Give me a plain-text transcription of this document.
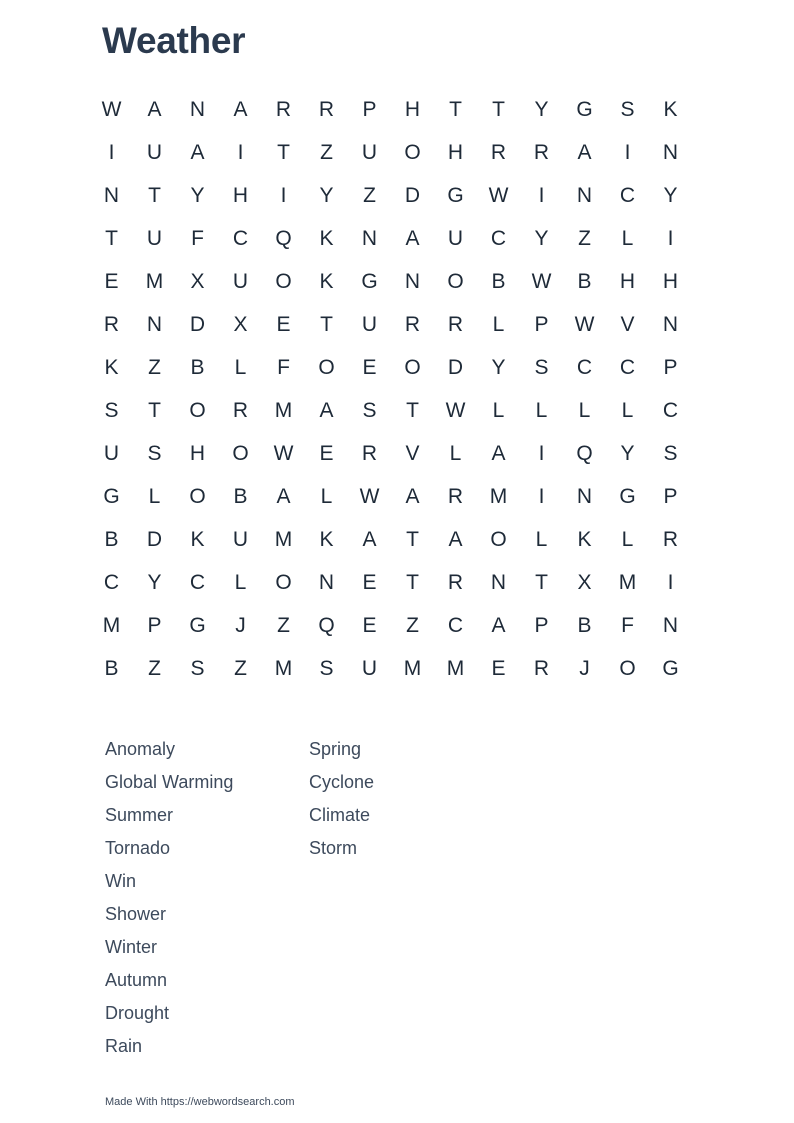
Weather
W	A	N	A	R	R	P	H	T	T	Y	G	S	K
I	U	A	I	T	Z	U	O	H	R	R	A	I	N
N	T	Y	H	I	Y	Z	D	G	W	I	N	C	Y
T	U	F	C	Q	K	N	A	U	C	Y	Z	L	I
E	M	X	U	O	K	G	N	O	B	W	B	H	H
R	N	D	X	E	T	U	R	R	L	P	W	V	N
K	Z	B	L	F	O	E	O	D	Y	S	C	C	P
S	T	O	R	M	A	S	T	W	L	L	L	L	C
U	S	H	O	W	E	R	V	L	A	I	Q	Y	S
G	L	O	B	A	L	W	A	R	M	I	N	G	P
B	D	K	U	M	K	A	T	A	O	L	K	L	R
C	Y	C	L	O	N	E	T	R	N	T	X	M	I
M	P	G	J	Z	Q	E	Z	C	A	P	B	F	N
B	Z	S	Z	M	S	U	M	M	E	R	J	O	G
Anomaly
Global Warming
Summer
Tornado
Win
Shower
Winter
Autumn
Drought
Rain
Spring
Cyclone
Climate
Storm
Made With https://webwordsearch.com
